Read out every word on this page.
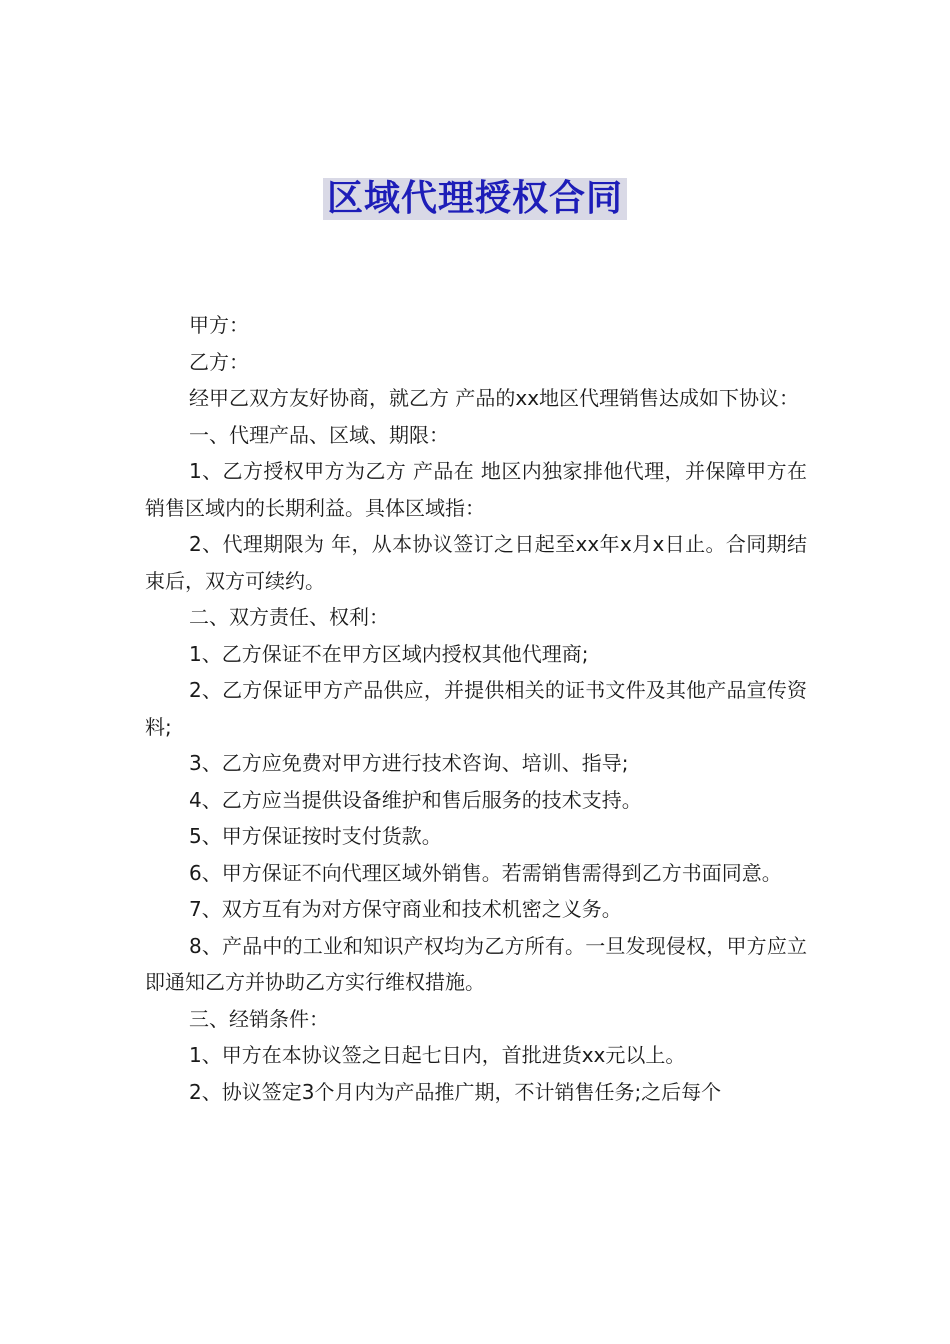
区域代理授权合同

甲方：

乙方：

经甲乙双方友好协商，就乙方 产品的xx地区代理销售达成如下协议：

一、代理产品、区域、期限：

1、乙方授权甲方为乙方 产品在 地区内独家排他代理，并保障甲方在销售区域内的长期利益。具体区域指：

2、代理期限为 年，从本协议签订之日起至xx年x月x日止。合同期结束后，双方可续约。

二、双方责任、权利：

1、乙方保证不在甲方区域内授权其他代理商;

2、乙方保证甲方产品供应，并提供相关的证书文件及其他产品宣传资料;

3、乙方应免费对甲方进行技术咨询、培训、指导;

4、乙方应当提供设备维护和售后服务的技术支持。

5、甲方保证按时支付货款。

6、甲方保证不向代理区域外销售。若需销售需得到乙方书面同意。

7、双方互有为对方保守商业和技术机密之义务。

8、产品中的工业和知识产权均为乙方所有。一旦发现侵权，甲方应立即通知乙方并协助乙方实行维权措施。

三、经销条件：

1、甲方在本协议签之日起七日内，首批进货xx元以上。

2、协议签定3个月内为产品推广期，不计销售任务;之后每个
